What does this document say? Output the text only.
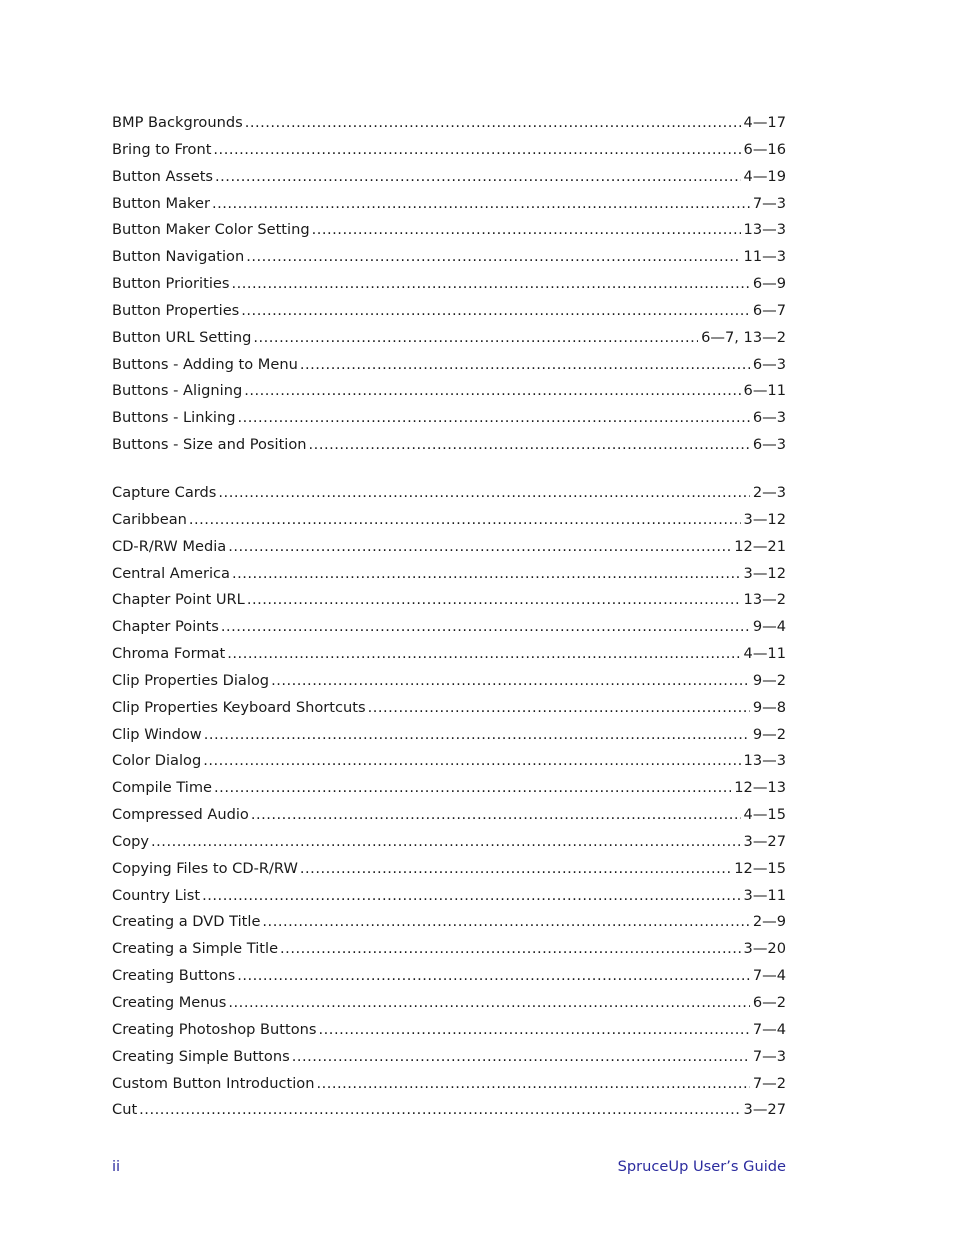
BMP Backgrounds .....	4—17
Bring to Front .....	6—16
Button Assets .....	4—19
Button Maker .....	7—3
Button Maker Color Setting .....	13—3
Button Navigation .....	11—3
Button Priorities .....	6—9
Button Properties .....	6—7
Button URL Setting .....	6—7, 13—2
Buttons - Adding to Menu .....	6—3
Buttons - Aligning .....	6—11
Buttons - Linking .....	6—3
Buttons - Size and Position .....	6—3
Capture Cards .....	2—3
Caribbean .....	3—12
CD-R/RW Media .....	12—21
Central America .....	3—12
Chapter Point URL .....	13—2
Chapter Points .....	9—4
Chroma Format .....	4—11
Clip Properties Dialog .....	9—2
Clip Properties Keyboard Shortcuts .....	9—8
Clip Window .....	9—2
Color Dialog .....	13—3
Compile Time .....	12—13
Compressed Audio .....	4—15
Copy .....	3—27
Copying Files to CD-R/RW .....	12—15
Country List .....	3—11
Creating a DVD Title .....	2—9
Creating a Simple Title .....	3—20
Creating Buttons .....	7—4
Creating Menus .....	6—2
Creating Photoshop Buttons .....	7—4
Creating Simple Buttons .....	7—3
Custom Button Introduction .....	7—2
Cut .....	3—27
ii	SpruceUp User’s Guide
